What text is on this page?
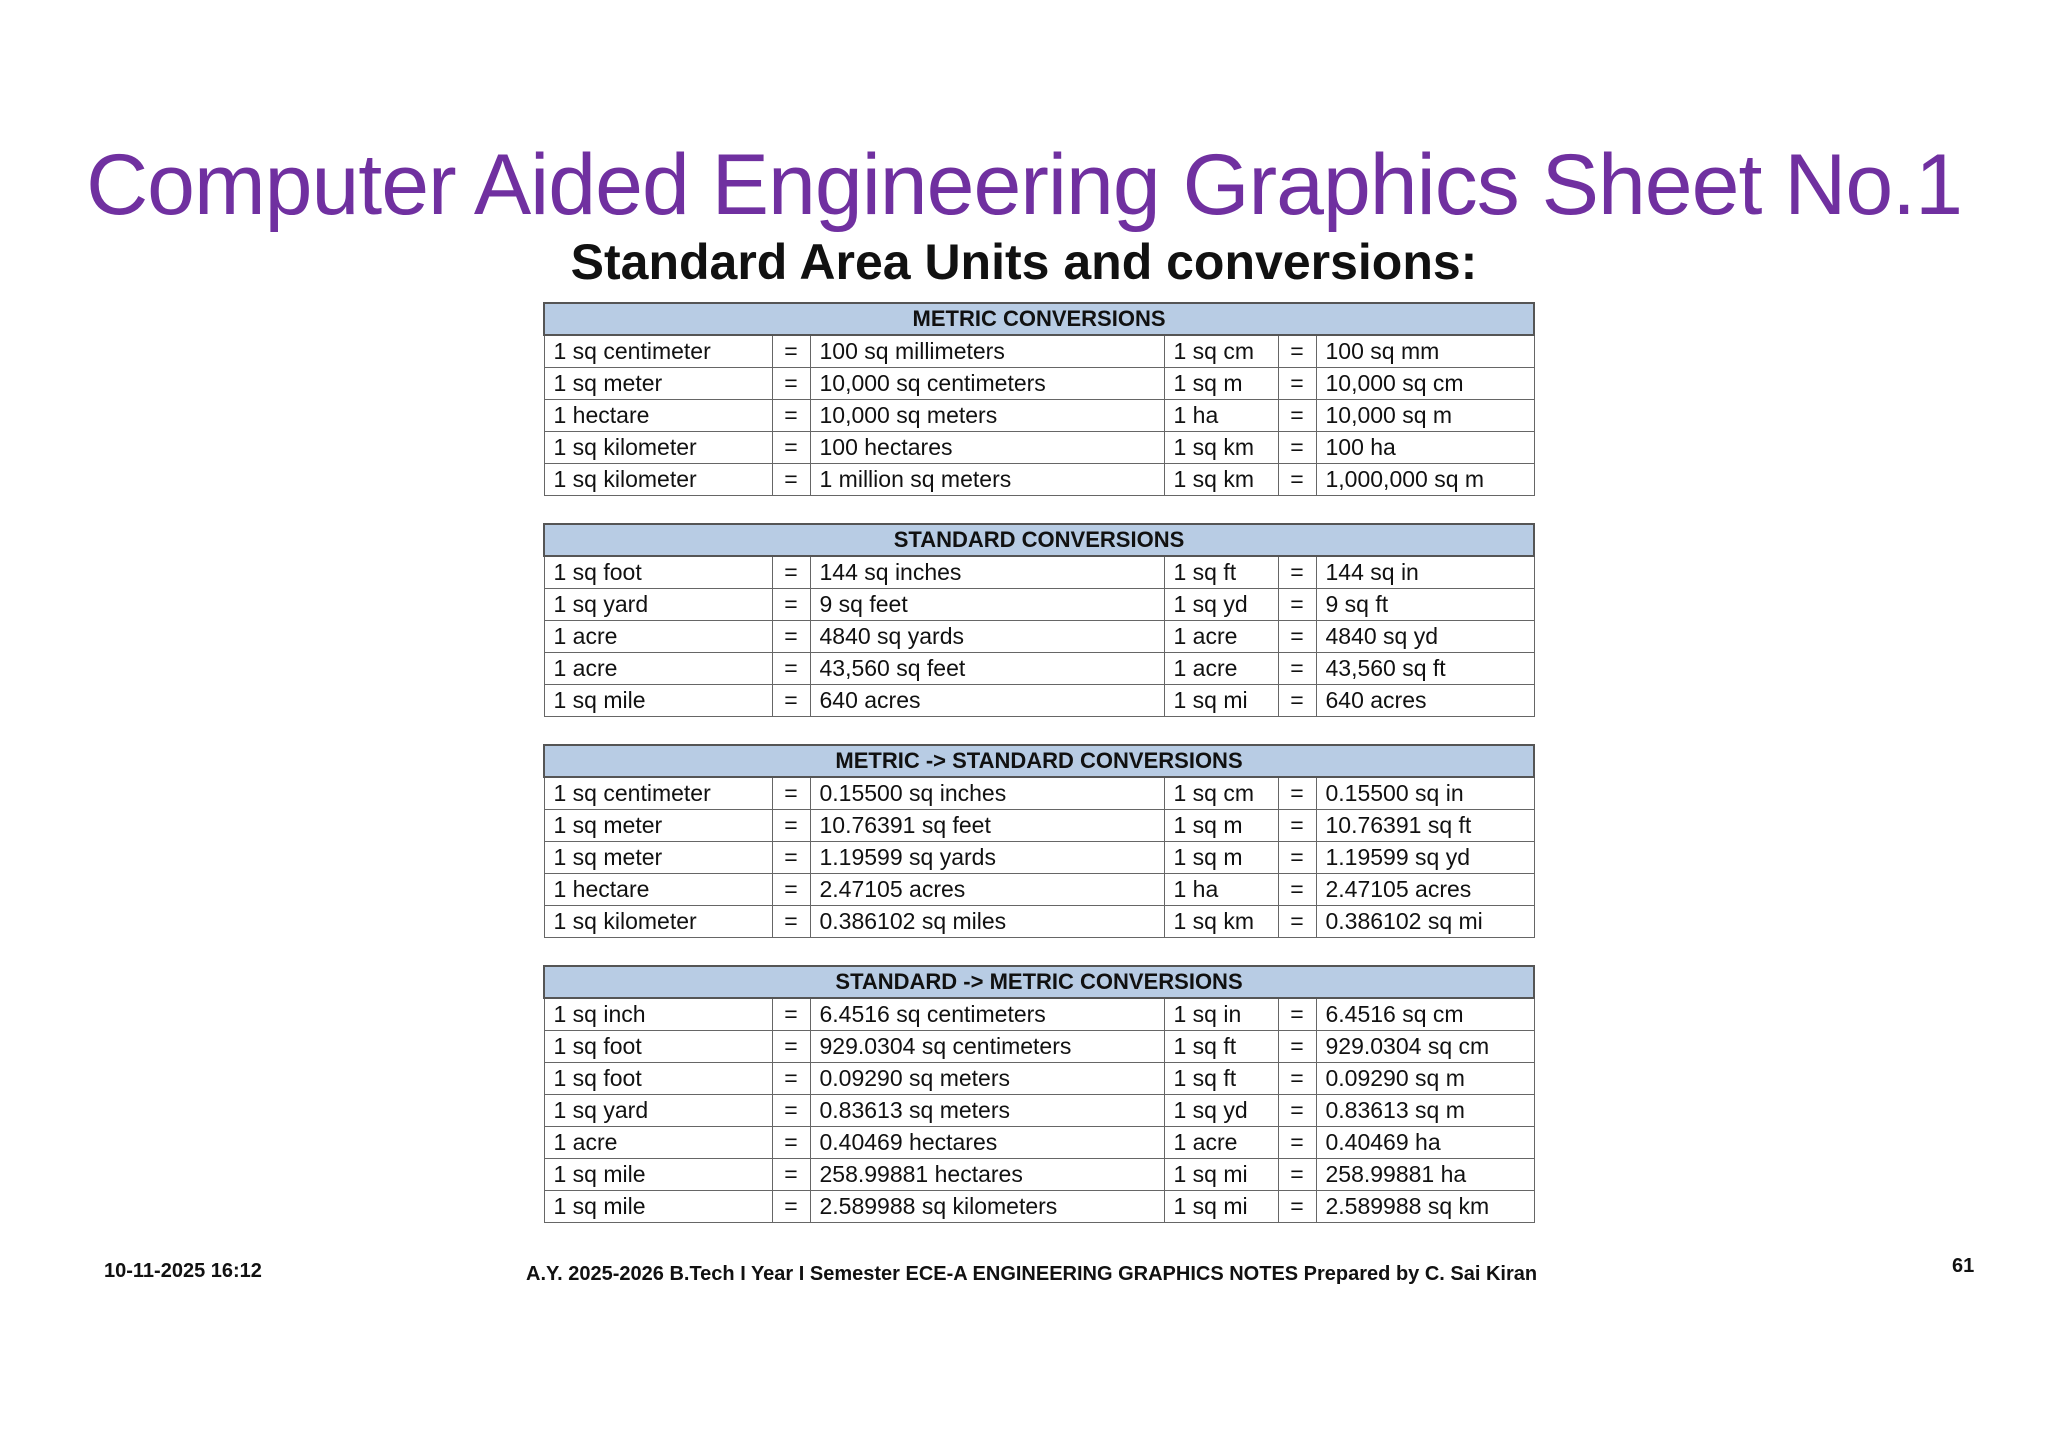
Computer Aided Engineering Graphics Sheet No.1
Standard Area Units and conversions:
METRIC CONVERSIONS					
1 sq centimeter	=	100 sq millimeters	1 sq cm	=	100 sq mm
1 sq meter	=	10,000 sq centimeters	1 sq m	=	10,000 sq cm
1 hectare	=	10,000 sq meters	1 ha	=	10,000 sq m
1 sq kilometer	=	100 hectares	1 sq km	=	100 ha
1 sq kilometer	=	1 million sq meters	1 sq km	=	1,000,000 sq m
STANDARD CONVERSIONS					
1 sq foot	=	144 sq inches	1 sq ft	=	144 sq in
1 sq yard	=	9 sq feet	1 sq yd	=	9 sq ft
1 acre	=	4840 sq yards	1 acre	=	4840 sq yd
1 acre	=	43,560 sq feet	1 acre	=	43,560 sq ft
1 sq mile	=	640 acres	1 sq mi	=	640 acres
METRIC -> STANDARD CONVERSIONS					
1 sq centimeter	=	0.15500 sq inches	1 sq cm	=	0.15500 sq in
1 sq meter	=	10.76391 sq feet	1 sq m	=	10.76391 sq ft
1 sq meter	=	1.19599 sq yards	1 sq m	=	1.19599 sq yd
1 hectare	=	2.47105 acres	1 ha	=	2.47105 acres
1 sq kilometer	=	0.386102 sq miles	1 sq km	=	0.386102 sq mi
STANDARD -> METRIC CONVERSIONS					
1 sq inch	=	6.4516 sq centimeters	1 sq in	=	6.4516 sq cm
1 sq foot	=	929.0304 sq centimeters	1 sq ft	=	929.0304 sq cm
1 sq foot	=	0.09290 sq meters	1 sq ft	=	0.09290 sq m
1 sq yard	=	0.83613 sq meters	1 sq yd	=	0.83613 sq m
1 acre	=	0.40469 hectares	1 acre	=	0.40469 ha
1 sq mile	=	258.99881 hectares	1 sq mi	=	258.99881 ha
1 sq mile	=	2.589988 sq kilometers	1 sq mi	=	2.589988 sq km
10-11-2025 16:12	A.Y. 2025-2026 B.Tech I Year I Semester ECE-A ENGINEERING GRAPHICS NOTES Prepared by C. Sai Kiran	61
